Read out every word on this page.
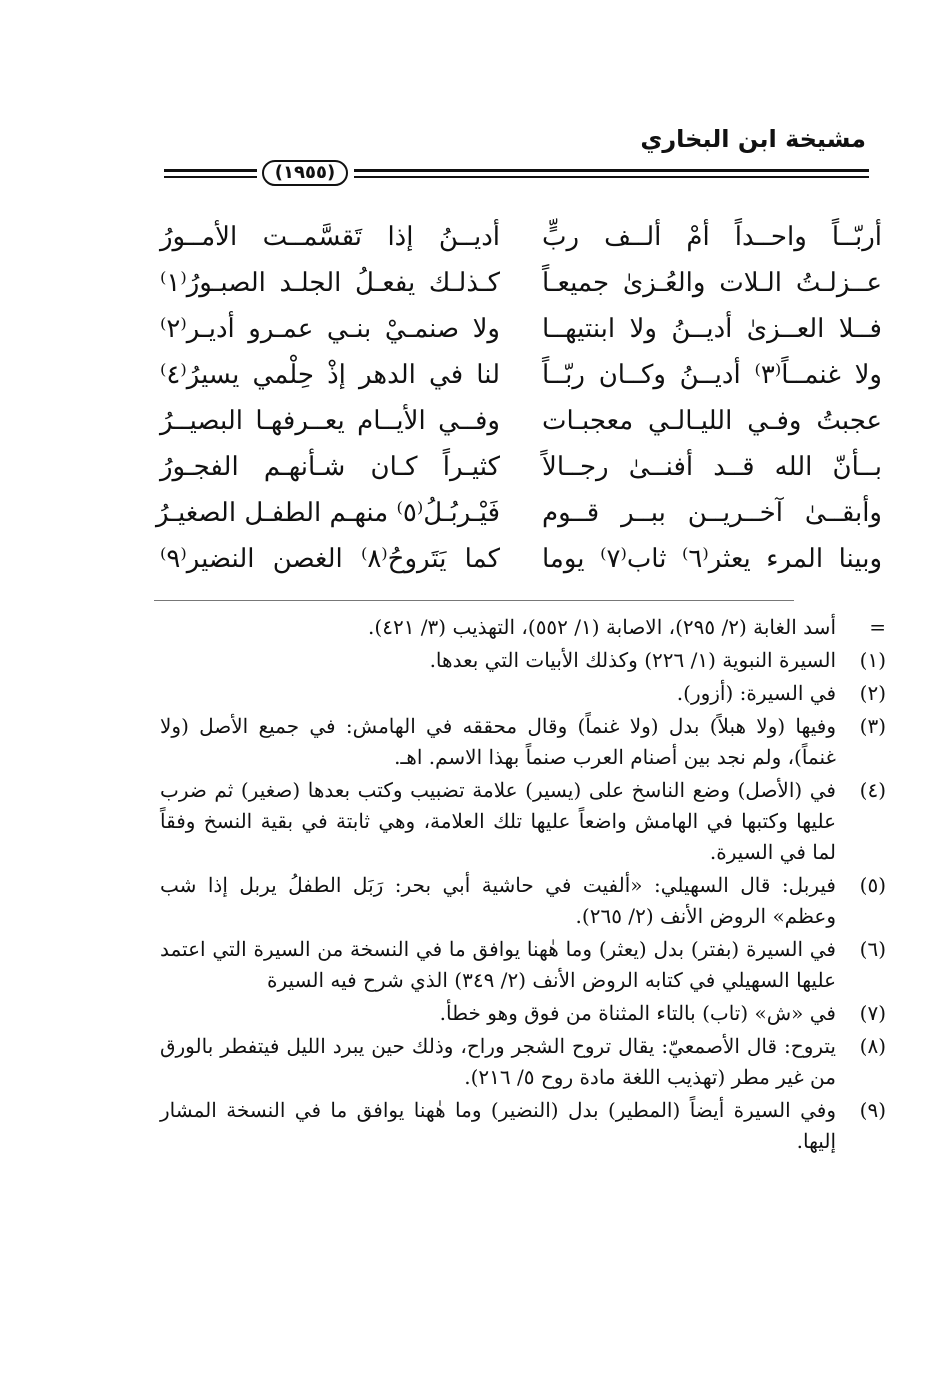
مشيخة ابن البخاري
(١٩٥٥)
أربّــاً واحــداً أمْ ألــف ربٍّ
أديــنُ إذا تَقسَّمــت الأمــورُ
عــزلـتُ الـلات والعُـزىٰ جميعـاً
كـذلـك يفعـلُ الجلـد الصبـورُ⁽١⁾
فــلا العــزىٰ أديــنُ ولا ابنتيهــا
ولا صنمـيْ بنـي عمـرو أديـر⁽٢⁾
ولا غنمــاً⁽٣⁾ أديــنُ وكــان ربّــاً
لنا في الدهر إذْ حِلْمي يسيرُ⁽٤⁾
عجبتُ وفـي الليـالـي معجبـات
وفــي الأيــام يعــرفهـا البصيــرُ
بــأنّ الله قــد أفنــىٰ رجــالاً
كثيـراً كـان شـأنهـم الفجـورُ
وأبقــىٰ آخــريــن ببــر قــوم
فَيْـربُـلُ⁽٥⁾ منهـم الطفـل الصغيـرُ
وبينا المرء يعثر⁽٦⁾ ثاب⁽٧⁾ يوما
كما يَتَروحُ⁽٨⁾ الغصن النضير⁽٩⁾
=
أسد الغابة (٢/ ٢٩٥)، الاصابة (١/ ٥٥٢)، التهذيب (٣/ ٤٢١).
(١)
السيرة النبوية (١/ ٢٢٦) وكذلك الأبيات التي بعدها.
(٢)
في السيرة: (أزور).
(٣)
وفيها (ولا هبلاً) بدل (ولا غنماً) وقال محققه في الهامش: في جميع الأصل (ولا غنماً)، ولم نجد بين أصنام العرب صنماً بهذا الاسم. اهـ.
(٤)
في (الأصل) وضع الناسخ على (يسير) علامة تضبيب وكتب بعدها (صغير) ثم ضرب عليها وكتبها في الهامش واضعاً عليها تلك العلامة، وهي ثابتة في بقية النسخ وفقاً لما في السيرة.
(٥)
فيربل: قال السهيلي: «ألفيت في حاشية أبي بحر: رَبَل الطفلُ يربل إذا شب وعظم» الروض الأنف (٢/ ٢٦٥).
(٦)
في السيرة (بفتر) بدل (يعثر) وما هٰهنا يوافق ما في النسخة من السيرة التي اعتمد عليها السهيلي في كتابه الروض الأنف (٢/ ٣٤٩) الذي شرح فيه السيرة
(٧)
في «ش» (تاب) بالتاء المثناة من فوق وهو خطأ.
(٨)
يتروح: قال الأصمعيّ: يقال تروح الشجر وراح، وذلك حين يبرد الليل فيتفطر بالورق من غير مطر (تهذيب اللغة مادة روح ٥/ ٢١٦).
(٩)
وفي السيرة أيضاً (المطير) بدل (النضير) وما هٰهنا يوافق ما في النسخة المشار إليها.
